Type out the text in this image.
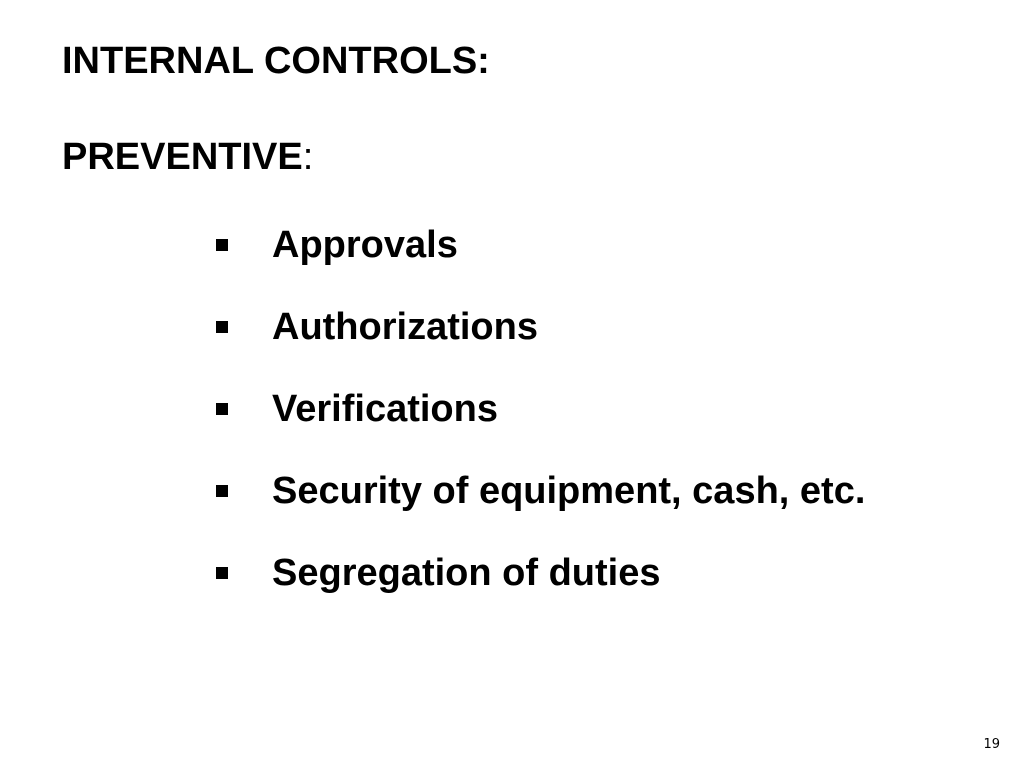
INTERNAL CONTROLS:
PREVENTIVE:
Approvals
Authorizations
Verifications
Security of equipment, cash, etc.
Segregation of duties
19
